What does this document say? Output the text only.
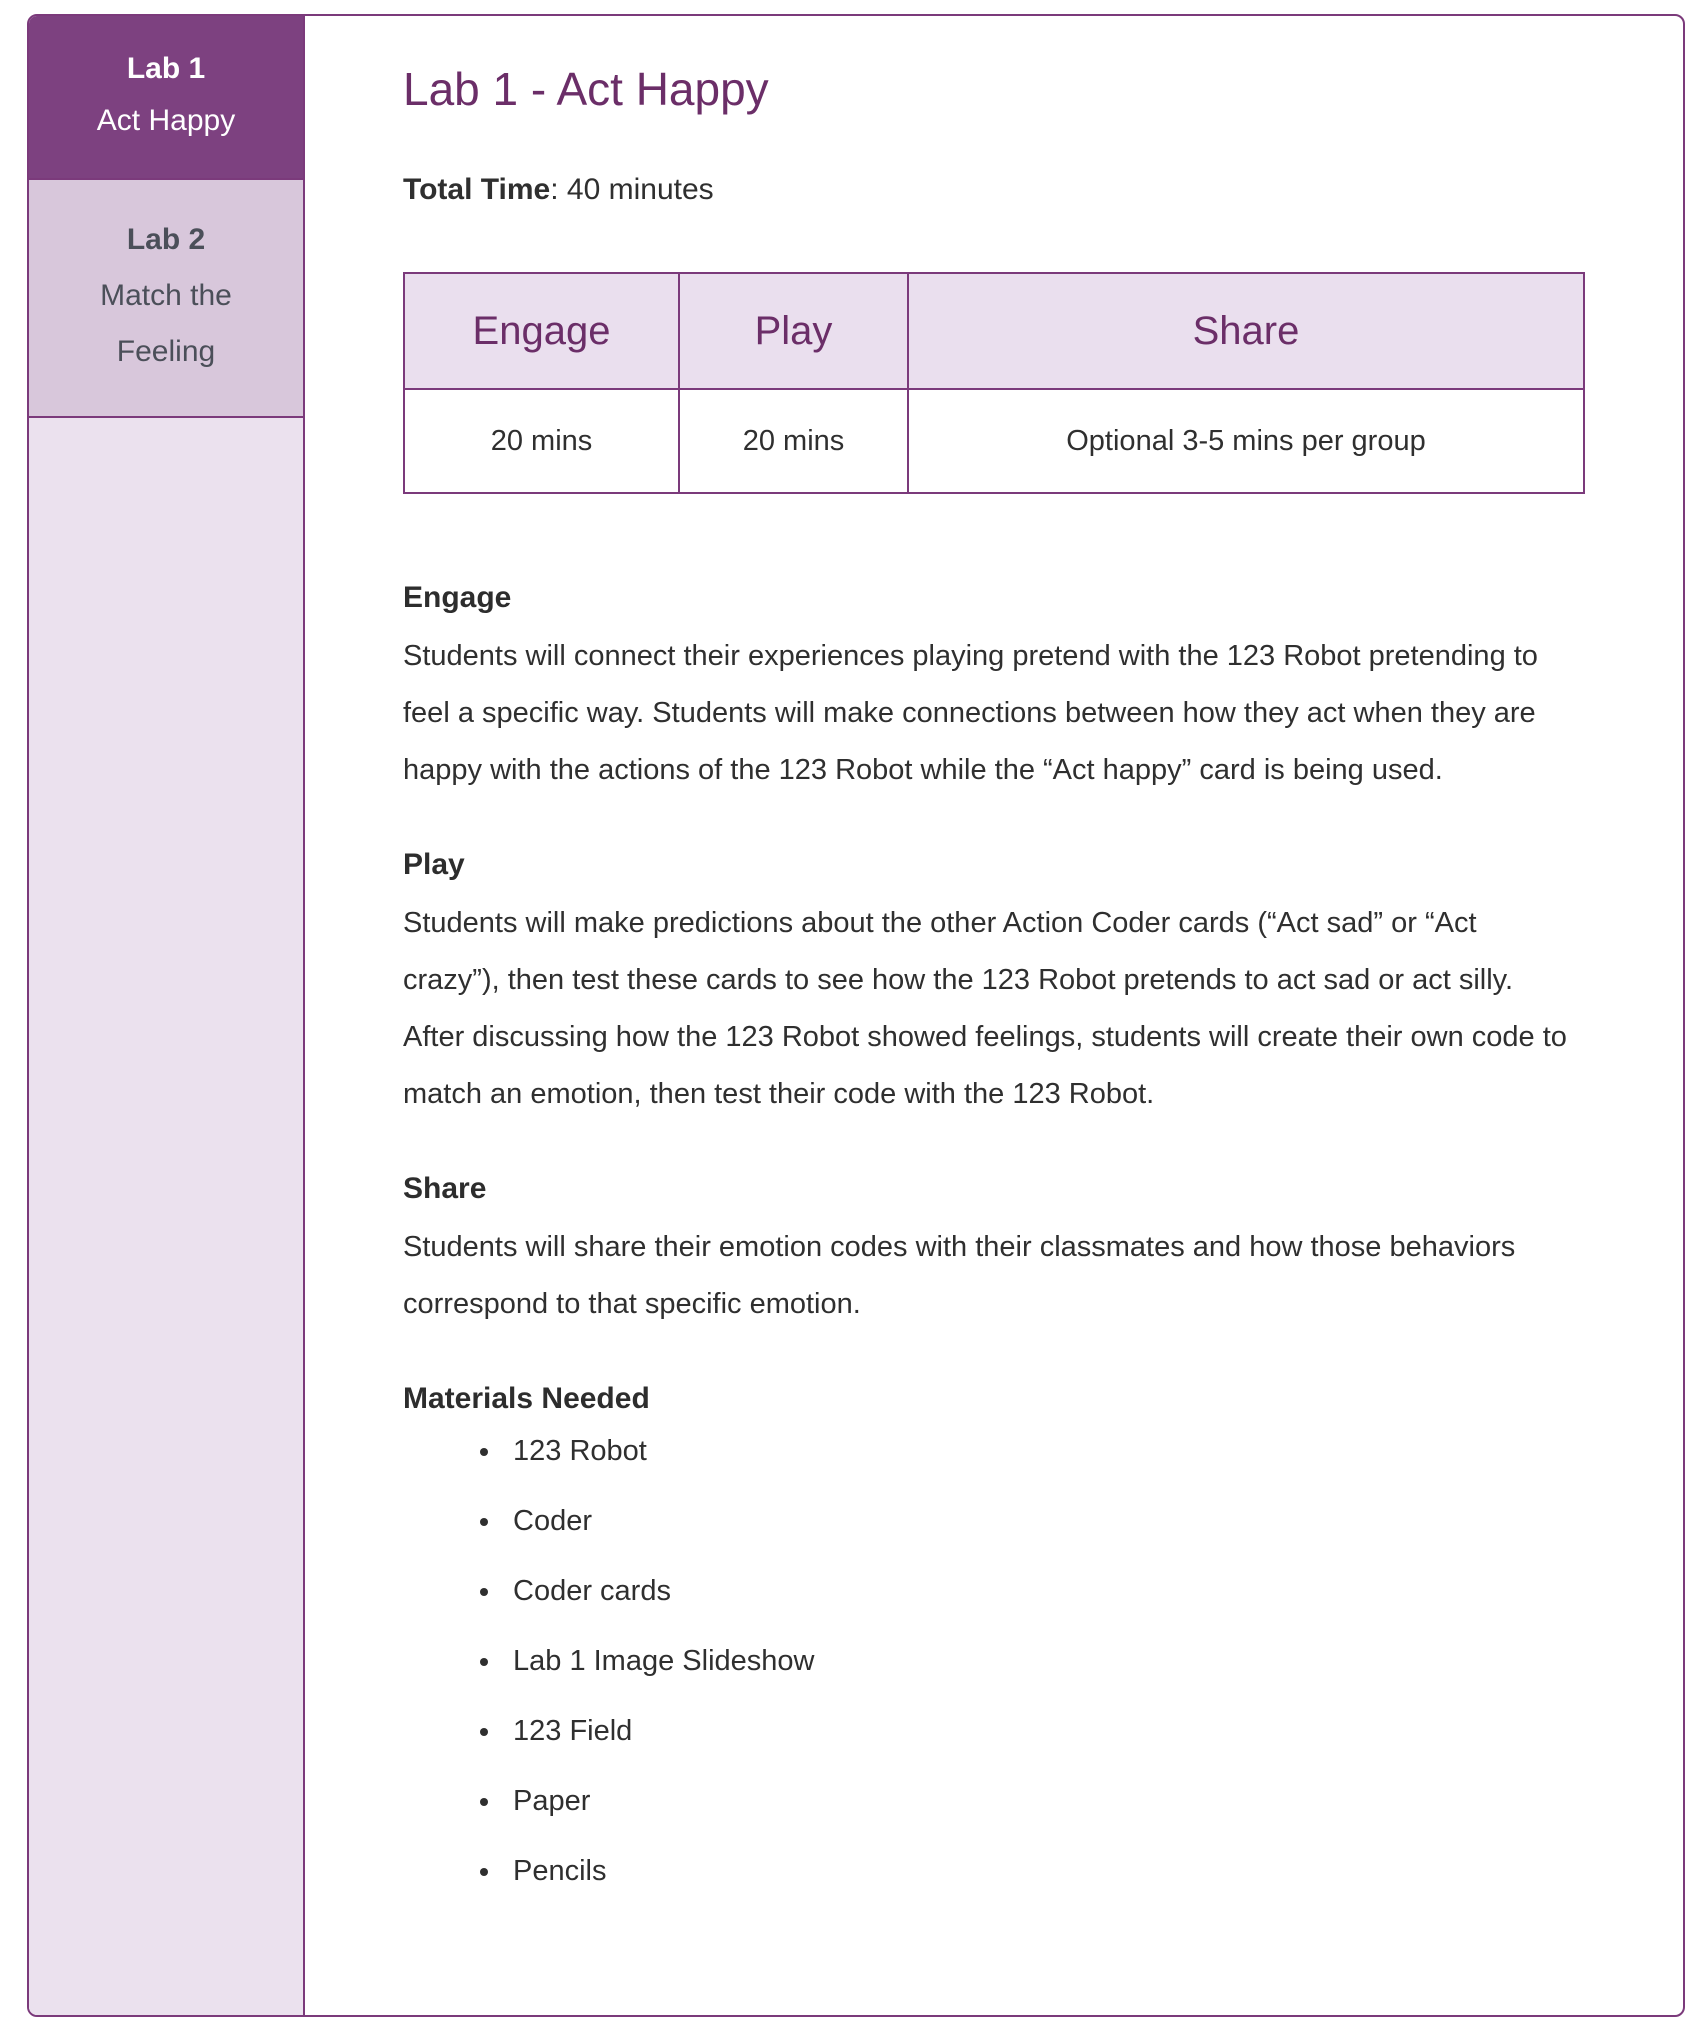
Lab 1
Act Happy
Lab 2
Match the Feeling
Lab 1 - Act Happy
Total Time: 40 minutes
Engage	Play	Share
20 mins	20 mins	Optional 3-5 mins per group
Engage

Students will connect their experiences playing pretend with the 123 Robot pretending to feel a specific way. Students will make connections between how they act when they are happy with the actions of the 123 Robot while the “Act happy” card is being used.

Play

Students will make predictions about the other Action Coder cards (“Act sad” or “Act crazy”), then test these cards to see how the 123 Robot pretends to act sad or act silly. After discussing how the 123 Robot showed feelings, students will create their own code to match an emotion, then test their code with the 123 Robot.

Share

Students will share their emotion codes with their classmates and how those behaviors correspond to that specific emotion.

Materials Needed
• 123 Robot
• Coder
• Coder cards
• Lab 1 Image Slideshow
• 123 Field
• Paper
• Pencils
